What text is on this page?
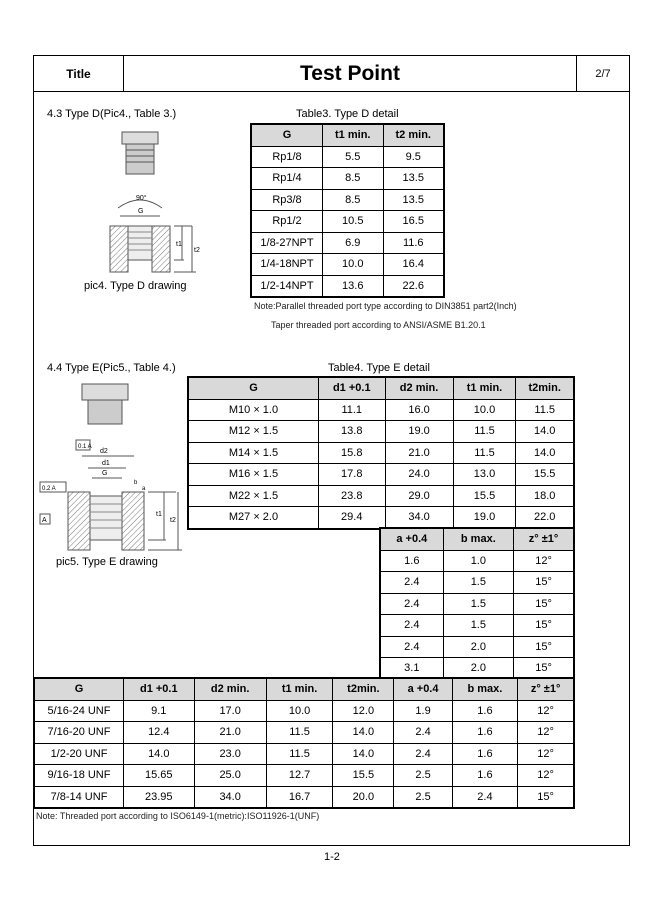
Title	Test Point	2/7
4.3 Type D(Pic4., Table 3.)	Table3. Type D detail
90°
G
t1
t2
pic4. Type D drawing
G	t1 min.	t2 min.
Rp1/8	5.5	9.5
Rp1/4	8.5	13.5
Rp3/8	8.5	13.5
Rp1/2	10.5	16.5
1/8-27NPT	6.9	11.6
1/4-18NPT	10.0	16.4
1/2-14NPT	13.6	22.6
Note:Parallel threaded port type according to DIN3851 part2(Inch)
Taper threaded port according to ANSI/ASME B1.20.1
4.4 Type E(Pic5., Table 4.)	Table4. Type E detail
0.1 A
d2
d1
G
0.2 A
A
b
a
t1
t2
pic5. Type E drawing
G	d1 +0.1	d2 min.	t1 min.	t2min.
M10 × 1.0	11.1	16.0	10.0	11.5
M12 × 1.5	13.8	19.0	11.5	14.0
M14 × 1.5	15.8	21.0	11.5	14.0
M16 × 1.5	17.8	24.0	13.0	15.5
M22 × 1.5	23.8	29.0	15.5	18.0
M27 × 2.0	29.4	34.0	19.0	22.0
a +0.4	b max.	z° ±1°
1.6	1.0	12°
2.4	1.5	15°
2.4	1.5	15°
2.4	1.5	15°
2.4	2.0	15°
3.1	2.0	15°
G	d1 +0.1	d2 min.	t1 min.	t2min.	a +0.4	b max.	z° ±1°
5/16-24 UNF	9.1	17.0	10.0	12.0	1.9	1.6	12°
7/16-20 UNF	12.4	21.0	11.5	14.0	2.4	1.6	12°
1/2-20 UNF	14.0	23.0	11.5	14.0	2.4	1.6	12°
9/16-18 UNF	15.65	25.0	12.7	15.5	2.5	1.6	12°
7/8-14 UNF	23.95	34.0	16.7	20.0	2.5	2.4	15°
Note: Threaded port according to ISO6149-1(metric):ISO11926-1(UNF)
1-2
